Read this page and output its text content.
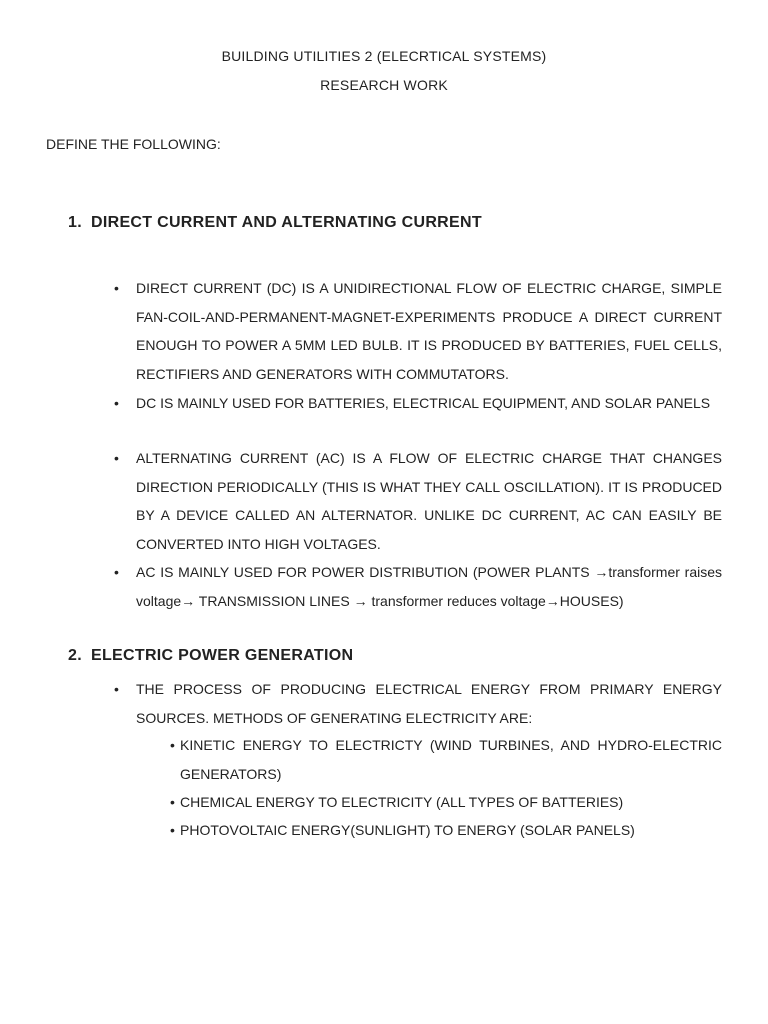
BUILDING UTILITIES 2 (ELECRTICAL SYSTEMS)
RESEARCH WORK
DEFINE THE FOLLOWING:
1. DIRECT CURRENT AND ALTERNATING CURRENT
• DIRECT CURRENT (DC) IS A UNIDIRECTIONAL FLOW OF ELECTRIC CHARGE, SIMPLE FAN-COIL-AND-PERMANENT-MAGNET-EXPERIMENTS PRODUCE A DIRECT CURRENT ENOUGH TO POWER A 5MM LED BULB. IT IS PRODUCED BY BATTERIES, FUEL CELLS, RECTIFIERS AND GENERATORS WITH COMMUTATORS.
• DC IS MAINLY USED FOR BATTERIES, ELECTRICAL EQUIPMENT, AND SOLAR PANELS
• ALTERNATING CURRENT (AC) IS A FLOW OF ELECTRIC CHARGE THAT CHANGES DIRECTION PERIODICALLY (THIS IS WHAT THEY CALL OSCILLATION). IT IS PRODUCED BY A DEVICE CALLED AN ALTERNATOR. UNLIKE DC CURRENT, AC CAN EASILY BE CONVERTED INTO HIGH VOLTAGES.
• AC IS MAINLY USED FOR POWER DISTRIBUTION (POWER PLANTS →transformer raises voltage→ TRANSMISSION LINES → transformer reduces voltage→HOUSES)
2. ELECTRIC POWER GENERATION
• THE PROCESS OF PRODUCING ELECTRICAL ENERGY FROM PRIMARY ENERGY SOURCES. METHODS OF GENERATING ELECTRICITY ARE:
• KINETIC ENERGY TO ELECTRICTY (WIND TURBINES, AND HYDRO-ELECTRIC GENERATORS)
• CHEMICAL ENERGY TO ELECTRICITY (ALL TYPES OF BATTERIES)
• PHOTOVOLTAIC ENERGY(SUNLIGHT) TO ENERGY (SOLAR PANELS)
